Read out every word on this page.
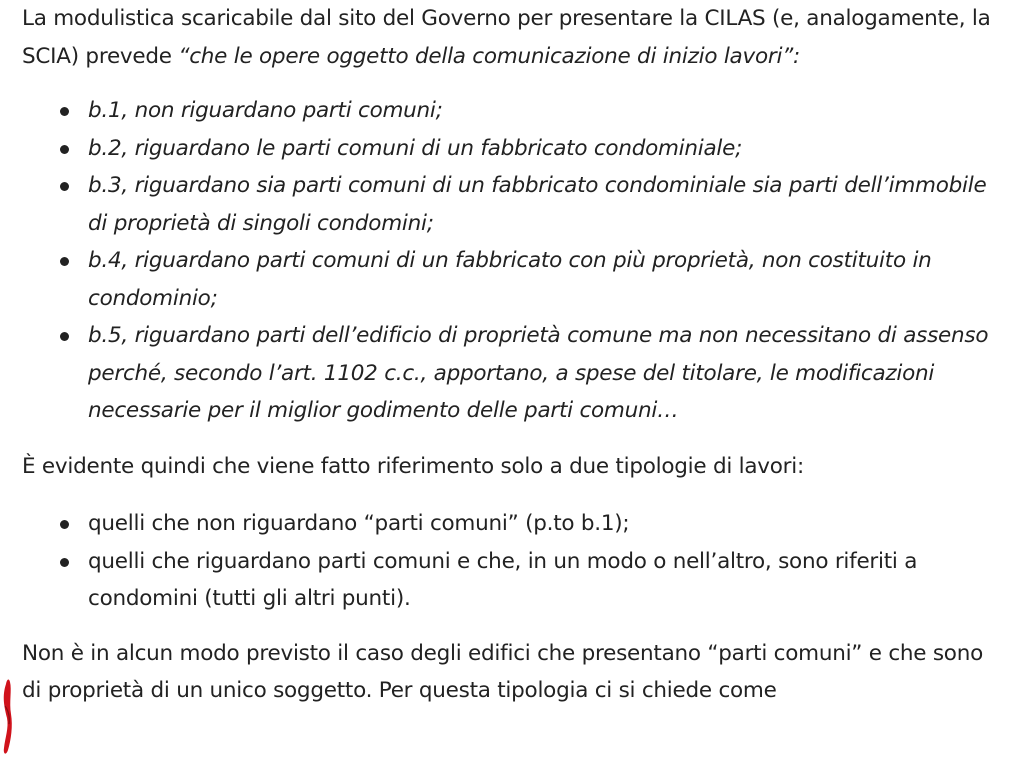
La modulistica scaricabile dal sito del Governo per presentare la CILAS (e, analogamente, la SCIA) prevede “che le opere oggetto della comunicazione di inizio lavori”:

b.1, non riguardano parti comuni;
b.2, riguardano le parti comuni di un fabbricato condominiale;
b.3, riguardano sia parti comuni di un fabbricato condominiale sia parti dell’immobile di proprietà di singoli condomini;
b.4, riguardano parti comuni di un fabbricato con più proprietà, non costituito in condominio;
b.5, riguardano parti dell’edificio di proprietà comune ma non necessitano di assenso perché, secondo l’art. 1102 c.c., apportano, a spese del titolare, le modificazioni necessarie per il miglior godimento delle parti comuni…

È evidente quindi che viene fatto riferimento solo a due tipologie di lavori:

quelli che non riguardano “parti comuni” (p.to b.1);
quelli che riguardano parti comuni e che, in un modo o nell’altro, sono riferiti a condomini (tutti gli altri punti).

Non è in alcun modo previsto il caso degli edifici che presentano “parti comuni” e che sono di proprietà di un unico soggetto. Per questa tipologia ci si chiede come
